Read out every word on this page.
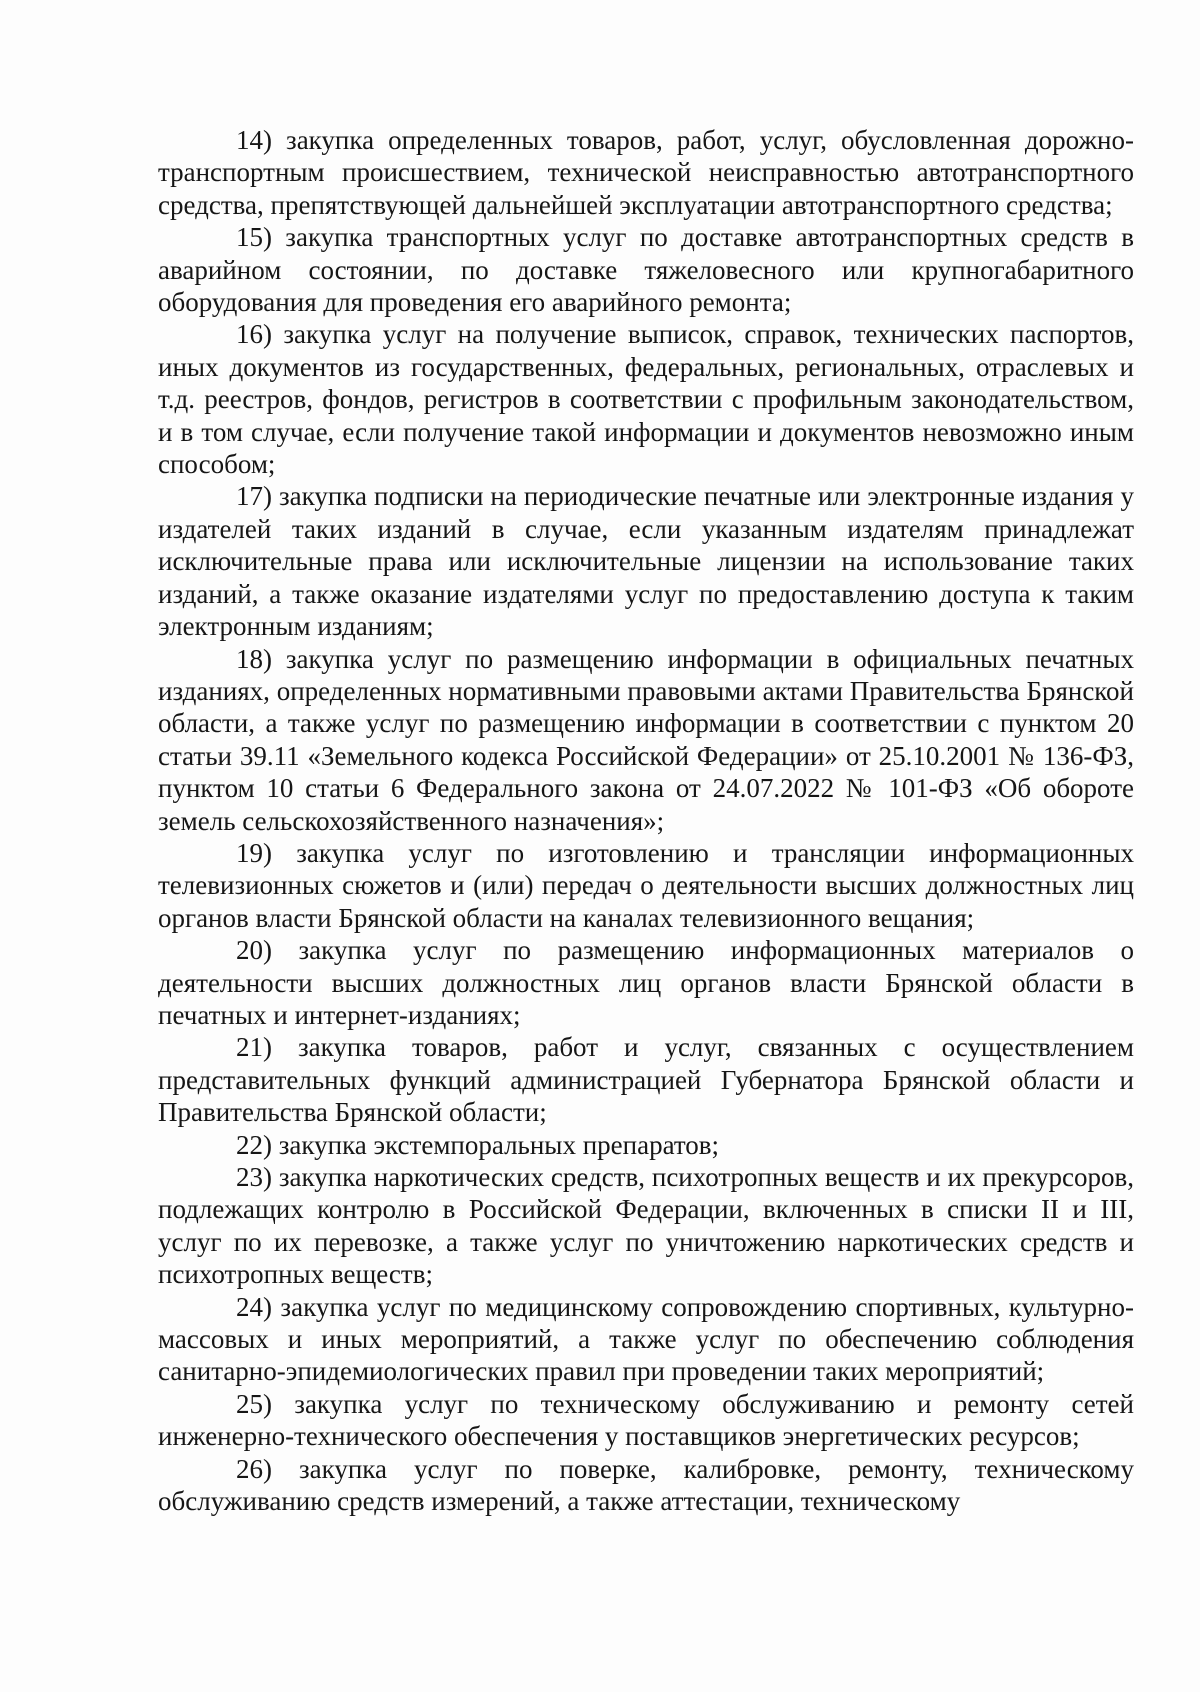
14) закупка определенных товаров, работ, услуг, обусловленная дорожно-транспортным происшествием, технической неисправностью автотранспортного средства, препятствующей дальнейшей эксплуатации автотранспортного средства;

15) закупка транспортных услуг по доставке автотранспортных средств в аварийном состоянии, по доставке тяжеловесного или крупногабаритного оборудования для проведения его аварийного ремонта;

16) закупка услуг на получение выписок, справок, технических паспортов, иных документов из государственных, федеральных, региональных, отраслевых и т.д. реестров, фондов, регистров в соответствии с профильным законодательством, и в том случае, если получение такой информации и документов невозможно иным способом;

17) закупка подписки на периодические печатные или электронные издания у издателей таких изданий в случае, если указанным издателям принадлежат исключительные права или исключительные лицензии на использование таких изданий, а также оказание издателями услуг по предоставлению доступа к таким электронным изданиям;

18) закупка услуг по размещению информации в официальных печатных изданиях, определенных нормативными правовыми актами Правительства Брянской области, а также услуг по размещению информации в соответствии с пунктом 20 статьи 39.11 «Земельного кодекса Российской Федерации» от 25.10.2001 № 136-ФЗ, пунктом 10 статьи 6 Федерального закона от 24.07.2022 № 101-ФЗ «Об обороте земель сельскохозяйственного назначения»;

19) закупка услуг по изготовлению и трансляции информационных телевизионных сюжетов и (или) передач о деятельности высших должностных лиц органов власти Брянской области на каналах телевизионного вещания;

20) закупка услуг по размещению информационных материалов о деятельности высших должностных лиц органов власти Брянской области в печатных и интернет-изданиях;

21) закупка товаров, работ и услуг, связанных с осуществлением представительных функций администрацией Губернатора Брянской области и Правительства Брянской области;

22) закупка экстемпоральных препаратов;

23) закупка наркотических средств, психотропных веществ и их прекурсоров, подлежащих контролю в Российской Федерации, включенных в списки II и III, услуг по их перевозке, а также услуг по уничтожению наркотических средств и психотропных веществ;

24) закупка услуг по медицинскому сопровождению спортивных, культурно-массовых и иных мероприятий, а также услуг по обеспечению соблюдения санитарно-эпидемиологических правил при проведении таких мероприятий;

25) закупка услуг по техническому обслуживанию и ремонту сетей инженерно-технического обеспечения у поставщиков энергетических ресурсов;

26) закупка услуг по поверке, калибровке, ремонту, техническому обслуживанию средств измерений, а также аттестации, техническому
